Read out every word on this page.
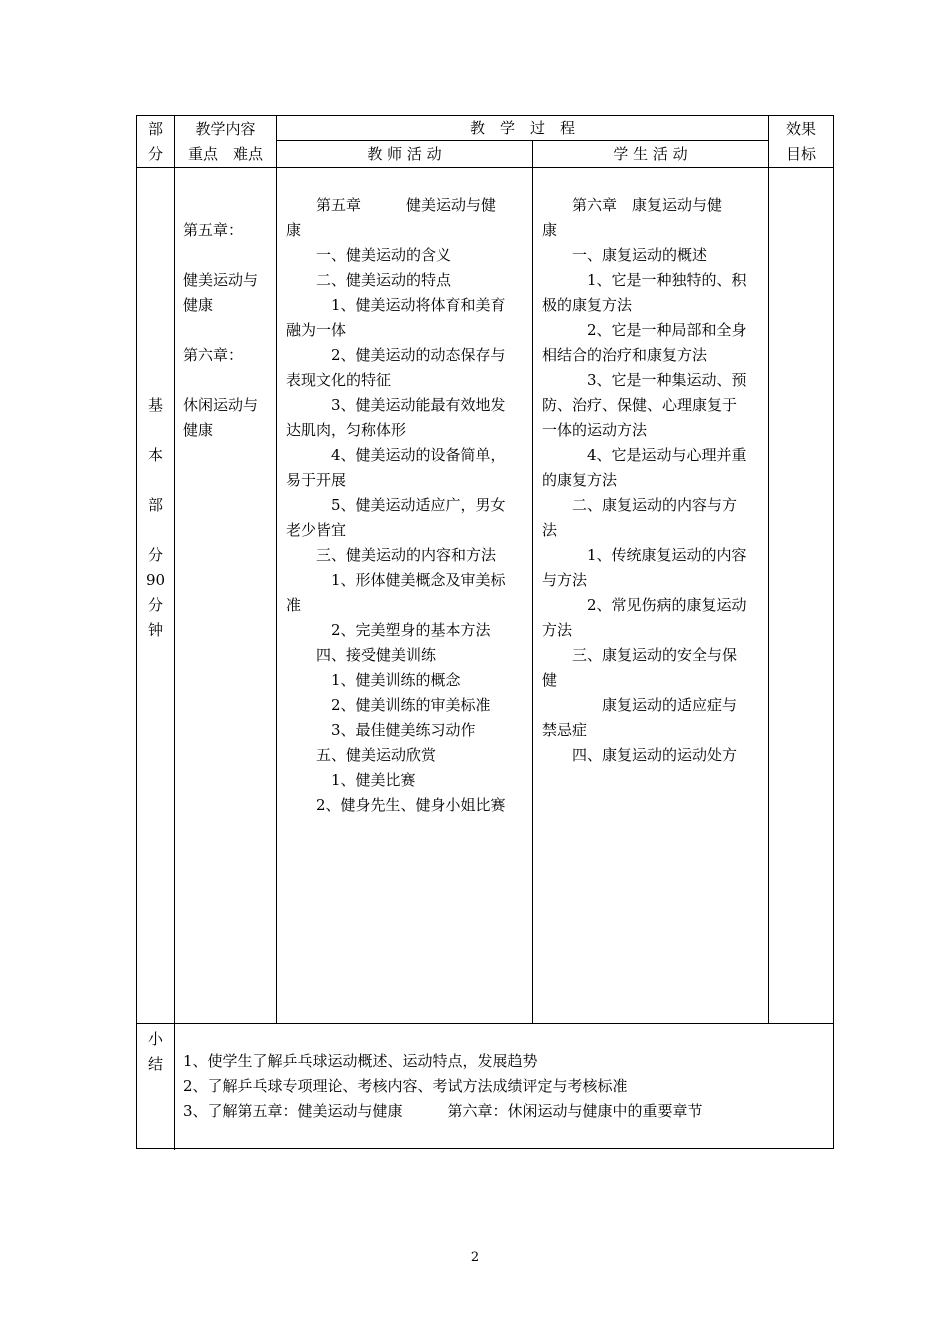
部
分
教学内容
重点　难点
教　学　过　程
教 师 活 动	学 生 活 动
效果
目标
基
本
部
分
90
分
钟
第五章：
健美运动与
健康
第六章：
休闲运动与
健康
　　第五章　　　健美运动与健
康
　　一、健美运动的含义
　　二、健美运动的特点
　　　1、健美运动将体育和美育
融为一体
　　　2、健美运动的动态保存与
表现文化的特征
　　　3、健美运动能最有效地发
达肌肉，匀称体形
　　　4、健美运动的设备简单，
易于开展
　　　5、健美运动适应广，男女
老少皆宜
　　三、健美运动的内容和方法
　　　1、形体健美概念及审美标
准
　　　2、完美塑身的基本方法
　　四、接受健美训练
　　　1、健美训练的概念
　　　2、健美训练的审美标准
　　　3、最佳健美练习动作
　　五、健美运动欣赏
　　　1、健美比赛
　　2、健身先生、健身小姐比赛
　　第六章　康复运动与健
康
　　一、康复运动的概述
　　　1、它是一种独特的、积
极的康复方法
　　　2、它是一种局部和全身
相结合的治疗和康复方法
　　　3、它是一种集运动、预
防、治疗、保健、心理康复于
一体的运动方法
　　　4、它是运动与心理并重
的康复方法
　　二、康复运动的内容与方
法
　　　1、传统康复运动的内容
与方法
　　　2、常见伤病的康复运动
方法
　　三、康复运动的安全与保
健
　　　　康复运动的适应症与
禁忌症
　　四、康复运动的运动处方
小
结	1、使学生了解乒乓球运动概述、运动特点，发展趋势
2、了解乒乓球专项理论、考核内容、考试方法成绩评定与考核标准
3、了解第五章：健美运动与健康　　　第六章：休闲运动与健康中的重要章节
2
